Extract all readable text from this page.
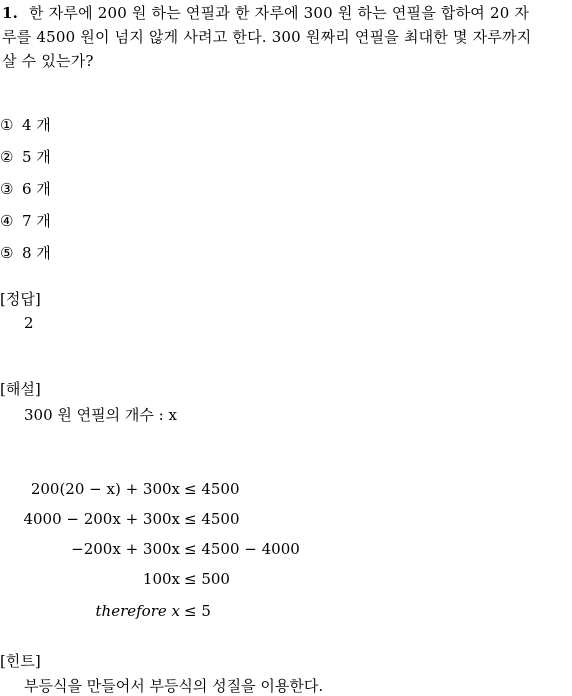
1. 한 자루에 200 원 하는 연필과 한 자루에 300 원 하는 연필을 합하여 20 자
루를 4500 원이 넘지 않게 사려고 한다. 300 원짜리 연필을 최대한 몇 자루까지
살 수 있는가?
① 4 개
② 5 개
③ 6 개
④ 7 개
⑤ 8 개
[정답]
2
[해설]
300 원 연필의 개수 : x
200(20 − x) + 300x ≤ 4500
4000 − 200x + 300x ≤ 4500
−200x + 300x ≤ 4500 − 4000
100x ≤ 500
therefore x ≤ 5
[힌트]
부등식을 만들어서 부등식의 성질을 이용한다.
